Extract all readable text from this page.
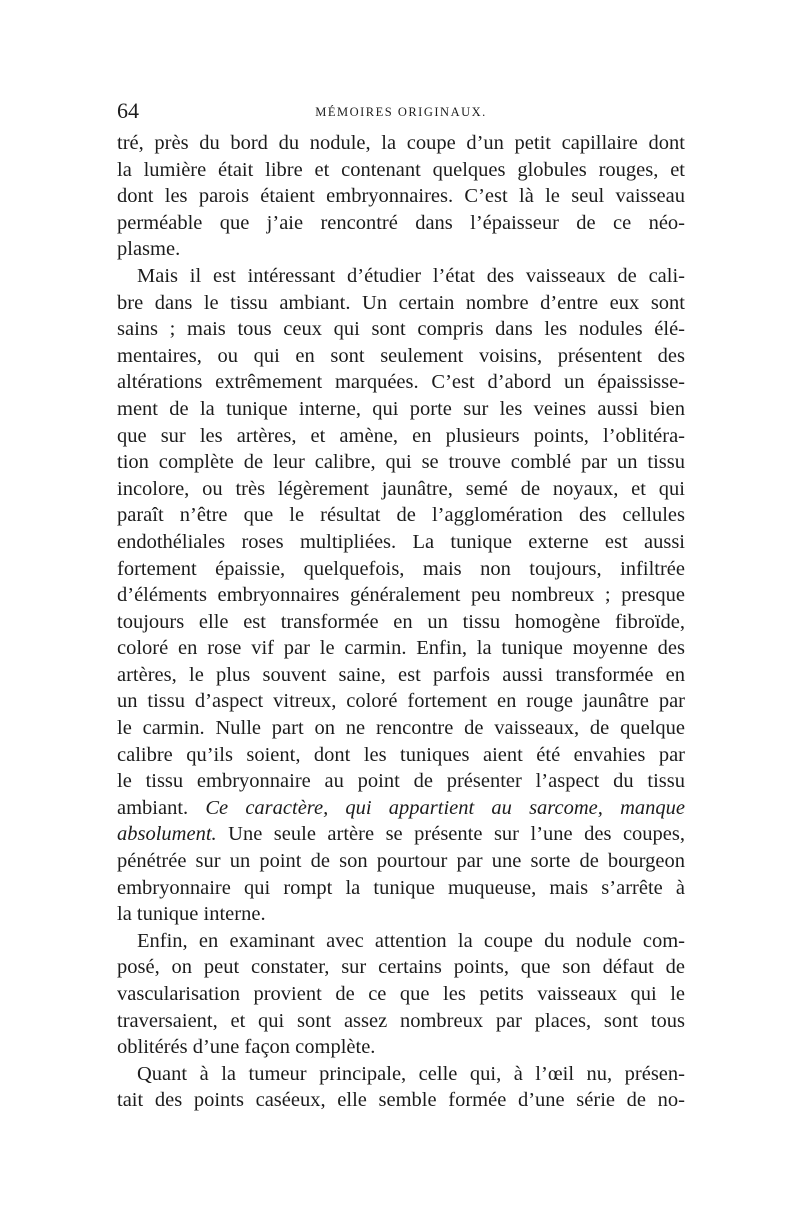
64	MÉMOIRES ORIGINAUX.
tré, près du bord du nodule, la coupe d’un petit capillaire dont
la lumière était libre et contenant quelques globules rouges, et
dont les parois étaient embryonnaires. C’est là le seul vaisseau
perméable que j’aie rencontré dans l’épaisseur de ce néo-
plasme.
Mais il est intéressant d’étudier l’état des vaisseaux de cali-
bre dans le tissu ambiant. Un certain nombre d’entre eux sont
sains ; mais tous ceux qui sont compris dans les nodules élé-
mentaires, ou qui en sont seulement voisins, présentent des
altérations extrêmement marquées. C’est d’abord un épaississe-
ment de la tunique interne, qui porte sur les veines aussi bien
que sur les artères, et amène, en plusieurs points, l’oblitéra-
tion complète de leur calibre, qui se trouve comblé par un tissu
incolore, ou très légèrement jaunâtre, semé de noyaux, et qui
paraît n’être que le résultat de l’agglomération des cellules
endothéliales roses multipliées. La tunique externe est aussi
fortement épaissie, quelquefois, mais non toujours, infiltrée
d’éléments embryonnaires généralement peu nombreux ; presque
toujours elle est transformée en un tissu homogène fibroïde,
coloré en rose vif par le carmin. Enfin, la tunique moyenne des
artères, le plus souvent saine, est parfois aussi transformée en
un tissu d’aspect vitreux, coloré fortement en rouge jaunâtre par
le carmin. Nulle part on ne rencontre de vaisseaux, de quelque
calibre qu’ils soient, dont les tuniques aient été envahies par
le tissu embryonnaire au point de présenter l’aspect du tissu
ambiant. Ce caractère, qui appartient au sarcome, manque
absolument. Une seule artère se présente sur l’une des coupes,
pénétrée sur un point de son pourtour par une sorte de bourgeon
embryonnaire qui rompt la tunique muqueuse, mais s’arrête à
la tunique interne.
Enfin, en examinant avec attention la coupe du nodule com-
posé, on peut constater, sur certains points, que son défaut de
vascularisation provient de ce que les petits vaisseaux qui le
traversaient, et qui sont assez nombreux par places, sont tous
oblitérés d’une façon complète.
Quant à la tumeur principale, celle qui, à l’œil nu, présen-
tait des points caséeux, elle semble formée d’une série de no-
